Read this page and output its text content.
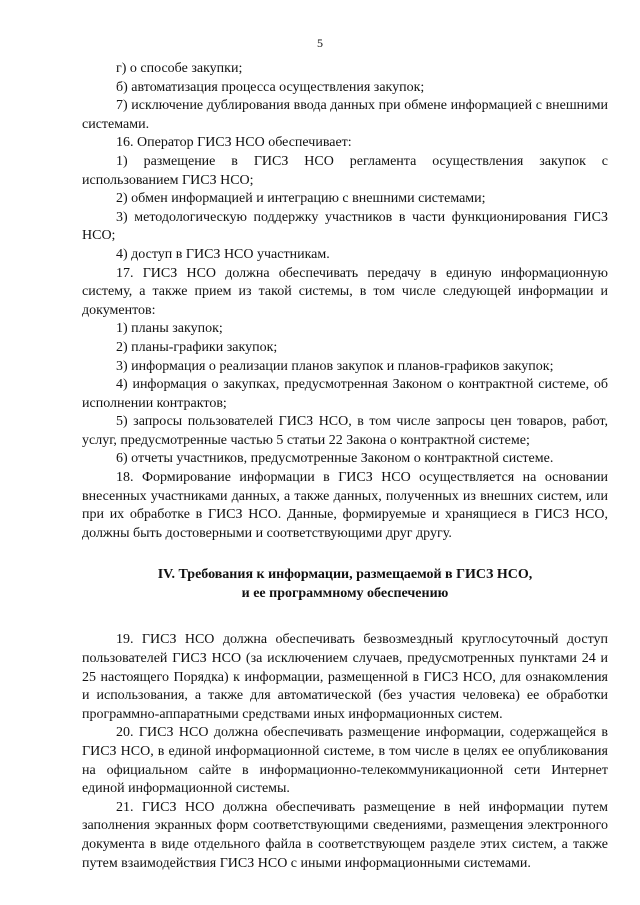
5

г) о способе закупки;

б) автоматизация процесса осуществления закупок;

7) исключение дублирования ввода данных при обмене информацией с внешними системами.

16. Оператор ГИСЗ НСО обеспечивает:

1) размещение в ГИСЗ НСО регламента осуществления закупок с использованием ГИСЗ НСО;

2) обмен информацией и интеграцию с внешними системами;

3) методологическую поддержку участников в части функционирования ГИСЗ НСО;

4) доступ в ГИСЗ НСО участникам.

17. ГИСЗ НСО должна обеспечивать передачу в единую информационную систему, а также прием из такой системы, в том числе следующей информации и документов:

1) планы закупок;

2) планы-графики закупок;

3) информация о реализации планов закупок и планов-графиков закупок;

4) информация о закупках, предусмотренная Законом о контрактной системе, об исполнении контрактов;

5) запросы пользователей ГИСЗ НСО, в том числе запросы цен товаров, работ, услуг, предусмотренные частью 5 статьи 22 Закона о контрактной системе;

6) отчеты участников, предусмотренные Законом о контрактной системе.

18. Формирование информации в ГИСЗ НСО осуществляется на основании внесенных участниками данных, а также данных, полученных из внешних систем, или при их обработке в ГИСЗ НСО. Данные, формируемые и хранящиеся в ГИСЗ НСО, должны быть достоверными и соответствующими друг другу.

IV. Требования к информации, размещаемой в ГИСЗ НСО,
и ее программному обеспечению

19. ГИСЗ НСО должна обеспечивать безвозмездный круглосуточный доступ пользователей ГИСЗ НСО (за исключением случаев, предусмотренных пунктами 24 и 25 настоящего Порядка) к информации, размещенной в ГИСЗ НСО, для ознакомления и использования, а также для автоматической (без участия человека) ее обработки программно-аппаратными средствами иных информационных систем.

20. ГИСЗ НСО должна обеспечивать размещение информации, содержащейся в ГИСЗ НСО, в единой информационной системе, в том числе в целях ее опубликования на официальном сайте в информационно-телекоммуникационной сети Интернет единой информационной системы.

21. ГИСЗ НСО должна обеспечивать размещение в ней информации путем заполнения экранных форм соответствующими сведениями, размещения электронного документа в виде отдельного файла в соответствующем разделе этих систем, а также путем взаимодействия ГИСЗ НСО с иными информационными системами.
